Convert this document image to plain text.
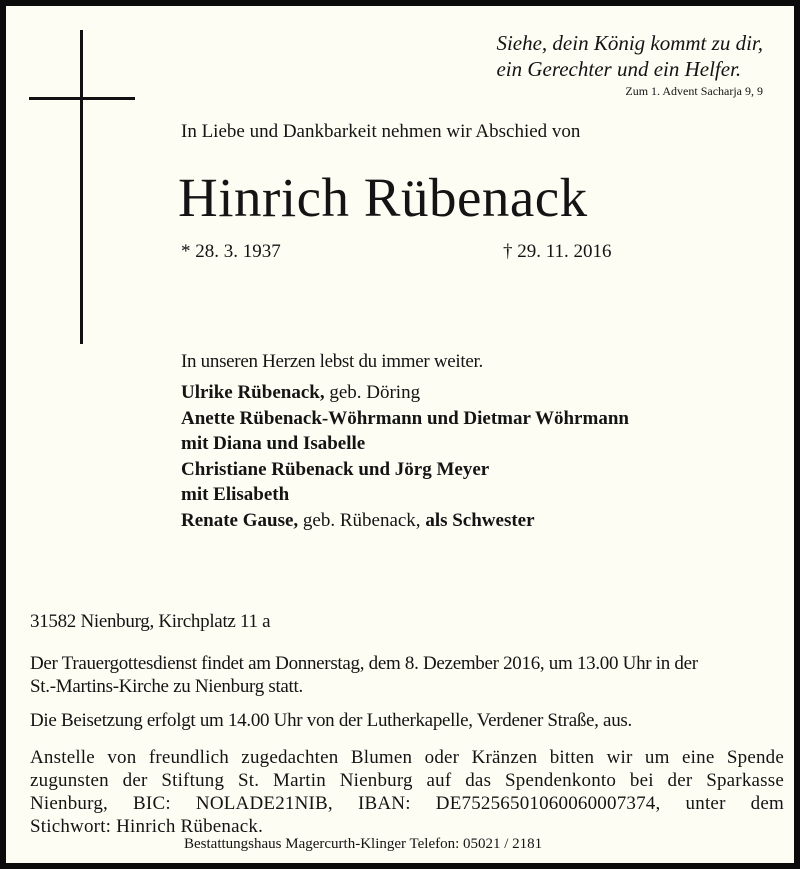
Siehe, dein König kommt zu dir,
ein Gerechter und ein Helfer.
Zum 1. Advent Sacharja 9, 9
In Liebe und Dankbarkeit nehmen wir Abschied von
Hinrich Rübenack
* 28. 3. 1937	† 29. 11. 2016
In unseren Herzen lebst du immer weiter.
Ulrike Rübenack, geb. Döring
Anette Rübenack-Wöhrmann und Dietmar Wöhrmann
mit Diana und Isabelle
Christiane Rübenack und Jörg Meyer
mit Elisabeth
Renate Gause, geb. Rübenack, als Schwester
31582 Nienburg, Kirchplatz 11 a
Der Trauergottesdienst findet am Donnerstag, dem 8. Dezember 2016, um 13.00 Uhr in der
St.-Martins-Kirche zu Nienburg statt.
Die Beisetzung erfolgt um 14.00 Uhr von der Lutherkapelle, Verdener Straße, aus.
Anstelle von freundlich zugedachten Blumen oder Kränzen bitten wir um eine Spende
zugunsten der Stiftung St. Martin Nienburg auf das Spendenkonto bei der Sparkasse
Nienburg, BIC: NOLADE21NIB, IBAN: DE75256501060060007374, unter dem
Stichwort: Hinrich Rübenack.
Bestattungshaus Magercurth-Klinger Telefon: 05021 / 2181
